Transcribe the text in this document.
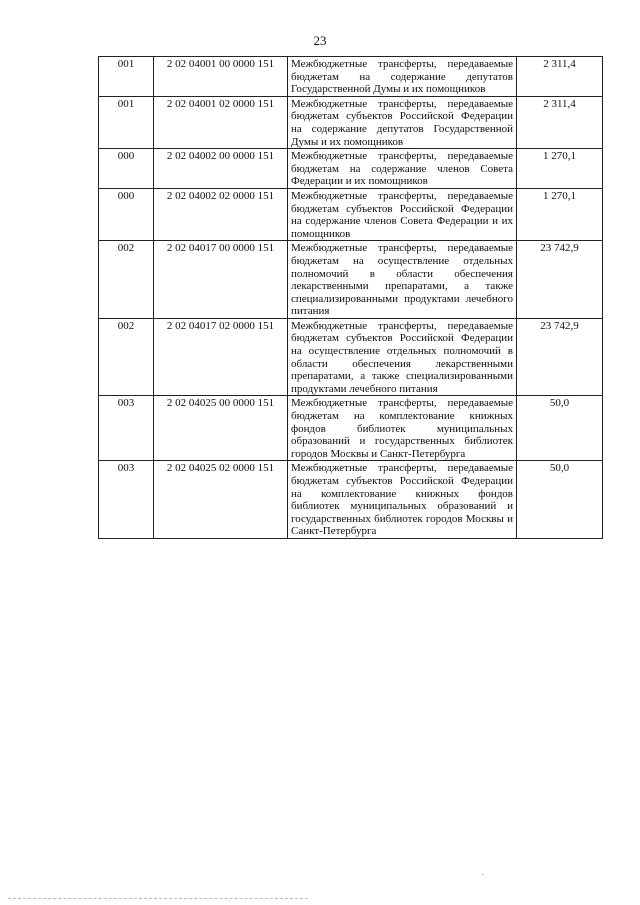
23
001	2 02 04001 00 0000 151	Межбюджетные трансферты, передаваемые бюджетам на содержание депутатов Государственной Думы и их помощников	2 311,4
001	2 02 04001 02 0000 151	Межбюджетные трансферты, передаваемые бюджетам субъектов Российской Федерации на содержание депутатов Государственной Думы и их помощников	2 311,4
000	2 02 04002 00 0000 151	Межбюджетные трансферты, передаваемые бюджетам на содержание членов Совета Федерации и их помощников	1 270,1
000	2 02 04002 02 0000 151	Межбюджетные трансферты, передаваемые бюджетам субъектов Российской Федерации на содержание членов Совета Федерации и их помощников	1 270,1
002	2 02 04017 00 0000 151	Межбюджетные трансферты, передаваемые бюджетам на осуществление отдельных полномочий в области обеспечения лекарственными препаратами, а также специализированными продуктами лечебного питания	23 742,9
002	2 02 04017 02 0000 151	Межбюджетные трансферты, передаваемые бюджетам субъектов Российской Федерации на осуществление отдельных полномочий в области обеспечения лекарственными препаратами, а также специализированными продуктами лечебного питания	23 742,9
003	2 02 04025 00 0000 151	Межбюджетные трансферты, передаваемые бюджетам на комплектование книжных фондов библиотек муниципальных образований и государственных библиотек городов Москвы и Санкт-Петербурга	50,0
003	2 02 04025 02 0000 151	Межбюджетные трансферты, передаваемые бюджетам субъектов Российской Федерации на комплектование книжных фондов библиотек муниципальных образований и государственных библиотек городов Москвы и Санкт-Петербурга	50,0
